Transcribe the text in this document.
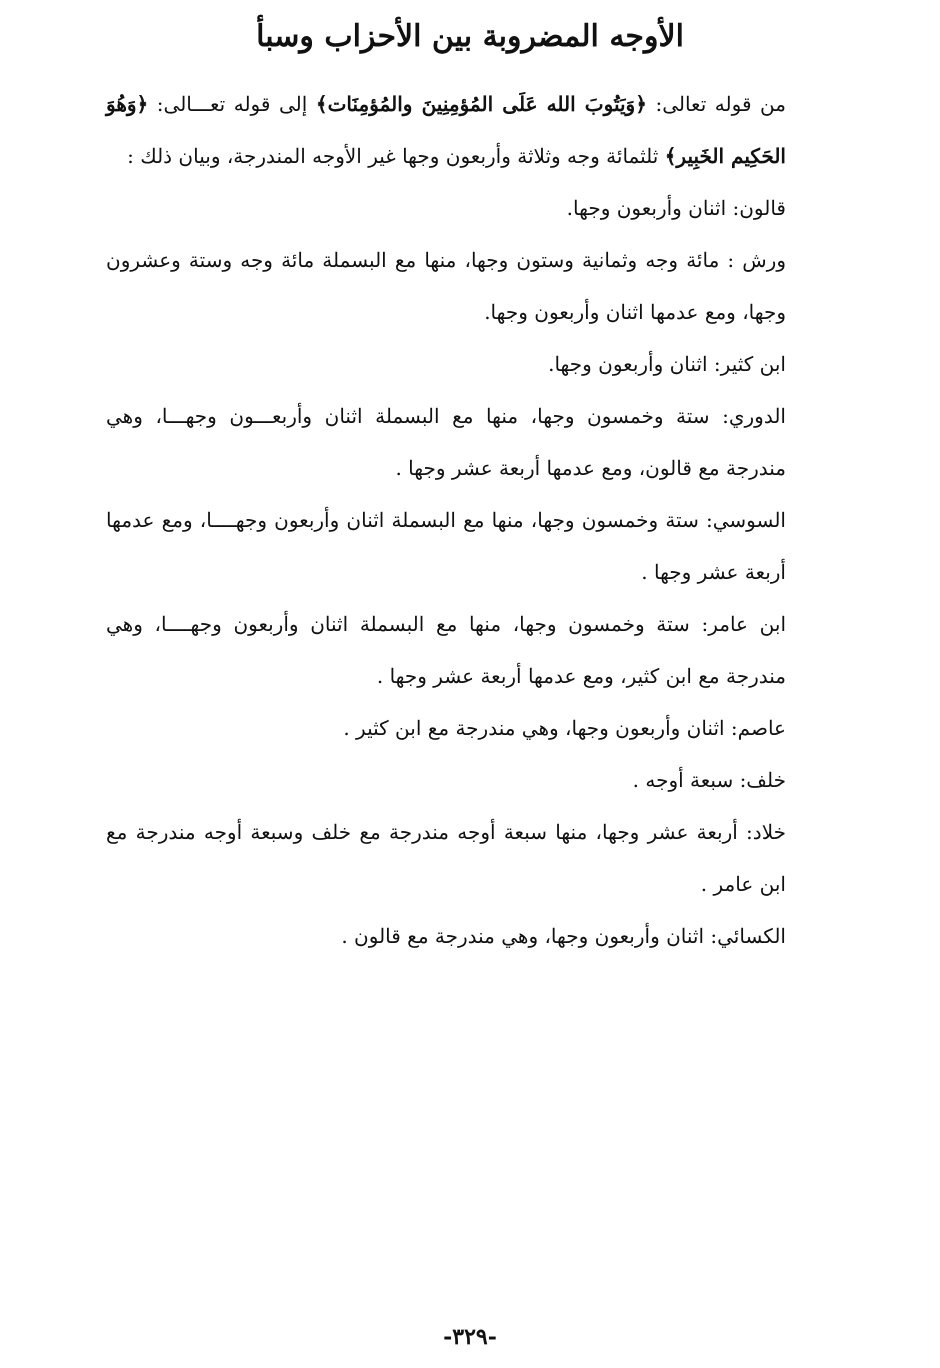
الأوجه المضروبة بين الأحزاب وسبأ

من قوله تعالى: ﴿وَيَتُوبَ الله عَلَى المُؤمِنِينَ والمُؤمِنَات﴾ إلى قوله تعـــالى: ﴿وَهُوَ الحَكِيم الخَبِير﴾ ثلثمائة وجه وثلاثة وأربعون وجها غير الأوجه المندرجة، وبيان ذلك :

قالون: اثنان وأربعون وجها.

ورش : مائة وجه وثمانية وستون وجها، منها مع البسملة مائة وجه وستة وعشرون وجها، ومع عدمها اثنان وأربعون وجها.

ابن كثير: اثنان وأربعون وجها.

الدوري: ستة وخمسون وجها، منها مع البسملة اثنان وأربعـــون وجهـــا، وهي مندرجة مع قالون، ومع عدمها أربعة عشر وجها .

السوسي: ستة وخمسون وجها، منها مع البسملة اثنان وأربعون وجهــــا، ومع عدمها أربعة عشر وجها .

ابن عامر: ستة وخمسون وجها، منها مع البسملة اثنان وأربعون وجهــــا، وهي مندرجة مع ابن كثير، ومع عدمها أربعة عشر وجها .

عاصم: اثنان وأربعون وجها، وهي مندرجة مع ابن كثير .

خلف: سبعة أوجه .

خلاد: أربعة عشر وجها، منها سبعة أوجه مندرجة مع خلف وسبعة أوجه مندرجة مع ابن عامر .

الكسائي: اثنان وأربعون وجها، وهي مندرجة مع قالون .

-٣٢٩-
